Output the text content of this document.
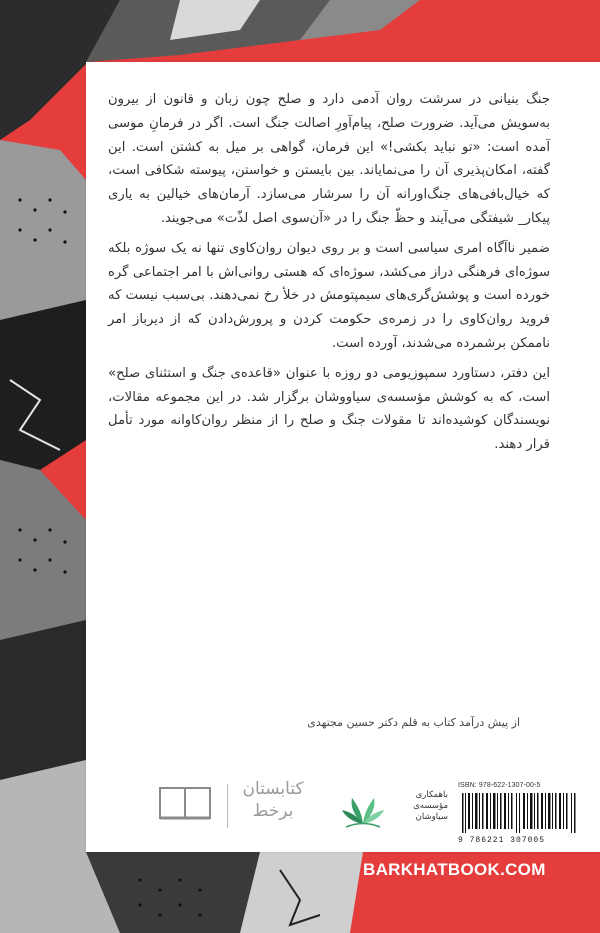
جنگ بنیانی در سرشت روان آدمی دارد و صلح چون زبان و قانون از بیرون به‌سویش می‌آید. ضرورت صلح، پیام‌آورِ اصالت جنگ است. اگر در فرمانِ موسی آمده است: «تو نباید بکشی!» این فرمان، گواهی بر میل به کشتن است. این گفته، امکان‌پذیری آن را می‌نمایاند. بین بایستن و خواستن، پیوسته شکافی است، که خیال‌بافی‌های جنگ‌اورانه آن را سرشار می‌سازد. آرمان‌های خیالین به یاری پیکار_ شیفتگی می‌آیند و حظّ جنگ را در «آن‌سوی اصل لذّت» می‌جویند.

ضمیر ناآگاه امری سیاسی است و بر روی دیوان روان‌کاوی تنها نه یک سوژه بلکه سوژه‌ای فرهنگی دراز می‌کشد، سوژه‌ای که هستی روانی‌اش با امر اجتماعی گره خورده است و پوشش‌گری‌های سیمپتومش در خلأ رخ نمی‌دهند. بی‌سبب نیست که فروید روان‌کاوی را در زمره‌ی حکومت کردن و پرورش‌دادن که از دیرباز امر ناممکن برشمرده می‌شدند، آورده است.

این دفتر، دستاورد سمپوزیومی دو روزه با عنوان «قاعده‌ی جنگ و استثنای صلح» است، که به کوشش مؤسسه‌ی سیاووشان برگزار شد. در این مجموعه مقالات، نویسندگان کوشیده‌اند تا مقولات جنگ و صلح را از منظر روان‌کاوانه مورد تأمل قرار دهند.

از پیش درآمد کتاب به قلم دکتر حسین مجتهدی
کتابستان برخط
باهمکاری مؤسسه‌ی سیاوشان
ISBN: 978-622-1307-00-5
9 786221 307005
BARKHATBOOK.COM
